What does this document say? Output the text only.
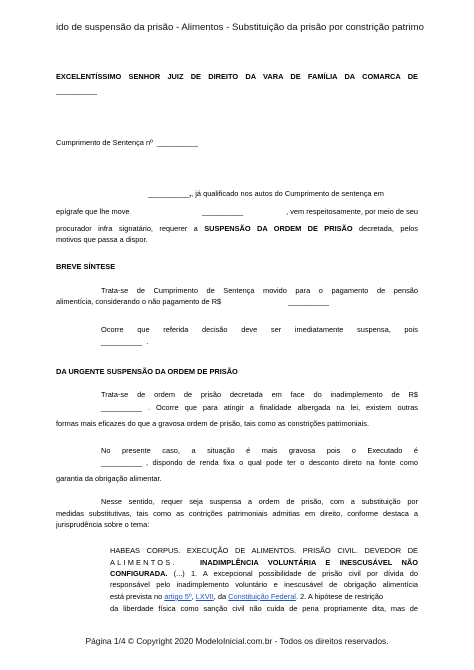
ido de suspensão da prisão - Alimentos - Substituição da prisão por constrição patrimo
EXCELENTÍSSIMO SENHOR JUIZ DE DIREITO DA VARA DE FAMÍLIA DA COMARCA DE
__________
Cumprimento de Sentença nº __________
__________,, já qualificado nos autos do Cumprimento de sentença em
epígrafe que lhe move	__________	, vem respeitosamente, por meio de seu
procurador infra signatário, requerer a SUSPENSÃO DA ORDEM DE PRISÃO decretada, pelos
motivos que passa a dispor.
BREVE SÍNTESE
Trata-se de Cumprimento de Sentença movido para o pagamento de pensão
alimentícia, considerando o não pagamento de R$	__________
Ocorre que referida decisão deve ser imediatamente suspensa, pois
__________ .
DA URGENTE SUSPENSÃO DA ORDEM DE PRISÃO
Trata-se de ordem de prisão decretada em face do inadimplemento de R$
__________ . Ocorre que para atingir a finalidade albergada na lei, existem outras
formas mais eficazes do que a gravosa ordem de prisão, tais como as constrições patrimoniais.
No presente caso, a situação é mais gravosa pois o Executado é
__________ , dispondo de renda fixa o qual pode ter o desconto direto na fonte como
garantia da obrigação alimentar.
Nesse sentido, requer seja suspensa a ordem de prisão, com a substituição por
medidas substitutivas, tais como as contrições patrimoniais admitias em direito, conforme destaca a
jurisprudência sobre o tema:
HABEAS CORPUS. EXECUÇÃO DE ALIMENTOS. PRISÃO CIVIL. DEVEDOR DE
ALIMENTOS.	INADIMPLÊNCIA VOLUNTÁRIA E INESCUSÁVEL NÃO
CONFIGURADA. (...) 1. A excepcional possibilidade de prisão civil por dívida do
responsável pelo inadimplemento voluntário e inescusável de obrigação alimentícia
está prevista no artigo 5º, LXVII, da Constituição Federal. 2. A hipótese de restrição
da liberdade física como sanção civil não cuida de pena propriamente dita, mas de
Página 1/4 © Copyright 2020 ModeloInicial.com.br - Todos os direitos reservados.
